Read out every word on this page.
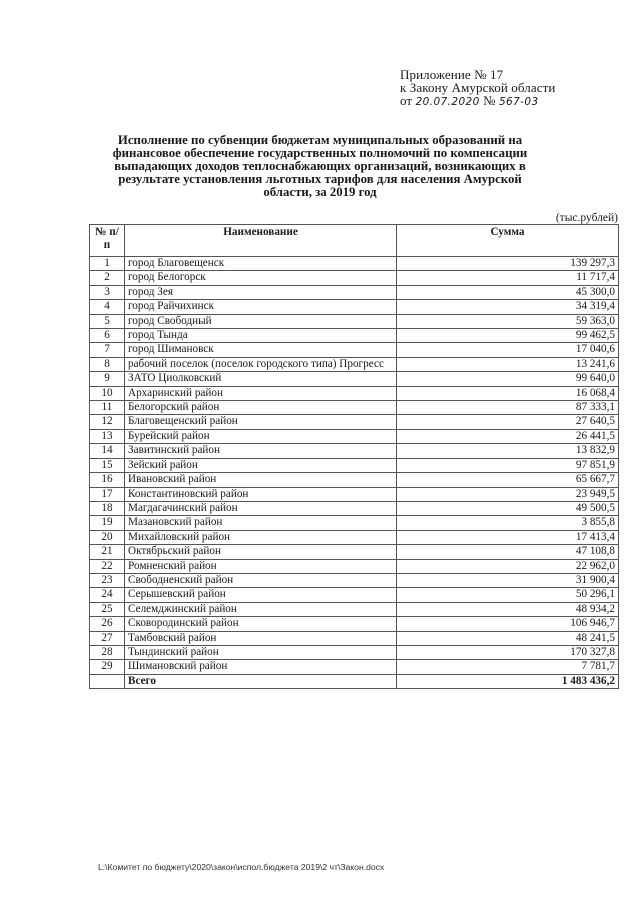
Приложение № 17
к Закону Амурской области
от 20.07.2020 № 567-03
Исполнение по субвенции бюджетам муниципальных образований на финансовое обеспечение государственных полномочий по компенсации выпадающих доходов теплоснабжающих организаций, возникающих в результате установления льготных тарифов для населения Амурской области, за 2019 год
(тыс.рублей)
№ п/п	Наименование	Сумма
1	город Благовещенск	139 297,3
2	город Белогорск	11 717,4
3	город Зея	45 300,0
4	город Райчихинск	34 319,4
5	город Свободный	59 363,0
6	город Тында	99 462,5
7	город Шимановск	17 040,6
8	рабочий поселок (поселок городского типа) Прогресс	13 241,6
9	ЗАТО Циолковский	99 640,0
10	Архаринский район	16 068,4
11	Белогорский район	87 333,1
12	Благовещенский район	27 640,5
13	Бурейский район	26 441,5
14	Завитинский район	13 832,9
15	Зейский район	97 851,9
16	Ивановский район	65 667,7
17	Константиновский район	23 949,5
18	Магдагачинский район	49 500,5
19	Мазановский район	3 855,8
20	Михайловский район	17 413,4
21	Октябрьский район	47 108,8
22	Ромненский район	22 962,0
23	Свободненский район	31 900,4
24	Серышевский район	50 296,1
25	Селемджинский район	48 934,2
26	Сковородинский район	106 946,7
27	Тамбовский район	48 241,5
28	Тындинский район	170 327,8
29	Шимановский район	7 781,7
	Всего	1 483 436,2
L:\Комитет по бюджету\2020\закон\испол.бюджета 2019\2 чт\Закон.docx
